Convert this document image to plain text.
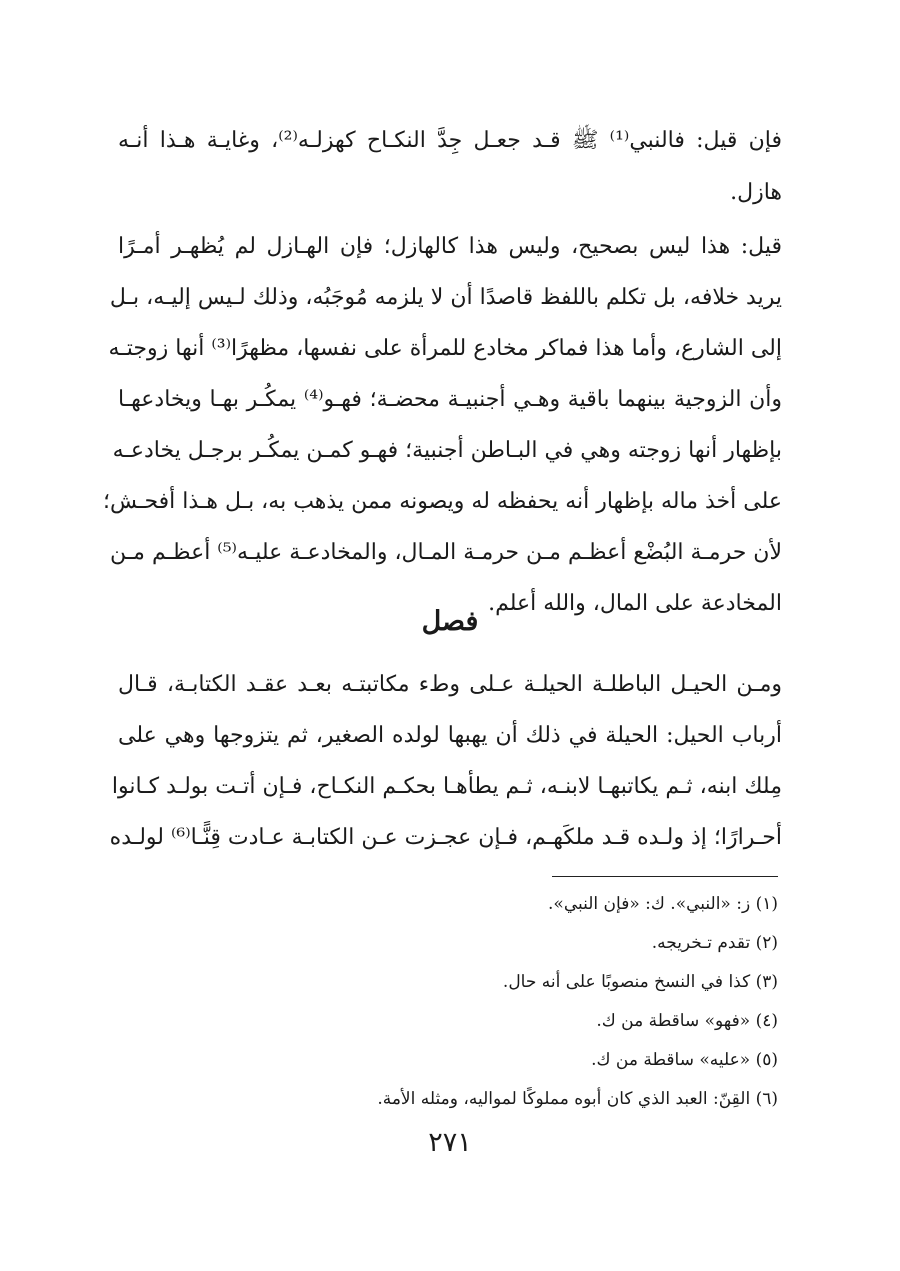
فإن قيل: فالنبي⁽¹⁾ ﷺ قـد جعـل جِدَّ النكـاح كهزلـه⁽²⁾، وغايـة هـذا أنـه
هازل.
قيل: هذا ليس بصحيح، وليس هذا كالهازل؛ فإن الهـازل لم يُظهـر أمـرًا
يريد خلافه، بل تكلم باللفظ قاصدًا أن لا يلزمه مُوجَبُه، وذلك لـيس إليـه، بـل
إلى الشارع، وأما هذا فماكر مخادع للمرأة على نفسها، مظهرًا⁽³⁾ أنها زوجتـه
وأن الزوجية بينهما باقية وهـي أجنبيـة محضـة؛ فهـو⁽⁴⁾ يمكُـر بهـا ويخادعهـا
بإظهار أنها زوجته وهي في البـاطن أجنبية؛ فهـو كمـن يمكُـر برجـل يخادعـه
على أخذ ماله بإظهار أنه يحفظه له ويصونه ممن يذهب به، بـل هـذا أفحـش؛
لأن حرمـة البُضْع أعظـم مـن حرمـة المـال، والمخادعـة عليـه⁽⁵⁾ أعظـم مـن
المخادعة على المال، والله أعلم.
فصل
ومـن الحيـل الباطلـة الحيلـة عـلى وطء مكاتبتـه بعـد عقـد الكتابـة، قـال
أرباب الحيل: الحيلة في ذلك أن يهبها لولده الصغير، ثم يتزوجها وهي على
مِلك ابنه، ثـم يكاتبهـا لابنـه، ثـم يطأهـا بحكـم النكـاح، فـإن أتـت بولـد كـانوا
أحـرارًا؛ إذ ولـده قـد ملكَهـم، فـإن عجـزت عـن الكتابـة عـادت قِنًّـا⁽⁶⁾ لولـده
(١) ز: «النبي». ك: «فإن النبي».
(٢) تقدم تـخريجه.
(٣) كذا في النسخ منصوبًا على أنه حال.
(٤) «فهو» ساقطة من ك.
(٥) «عليه» ساقطة من ك.
(٦) القِنّ: العبد الذي كان أبوه مملوكًا لمواليه، ومثله الأمة.
٢٧١
